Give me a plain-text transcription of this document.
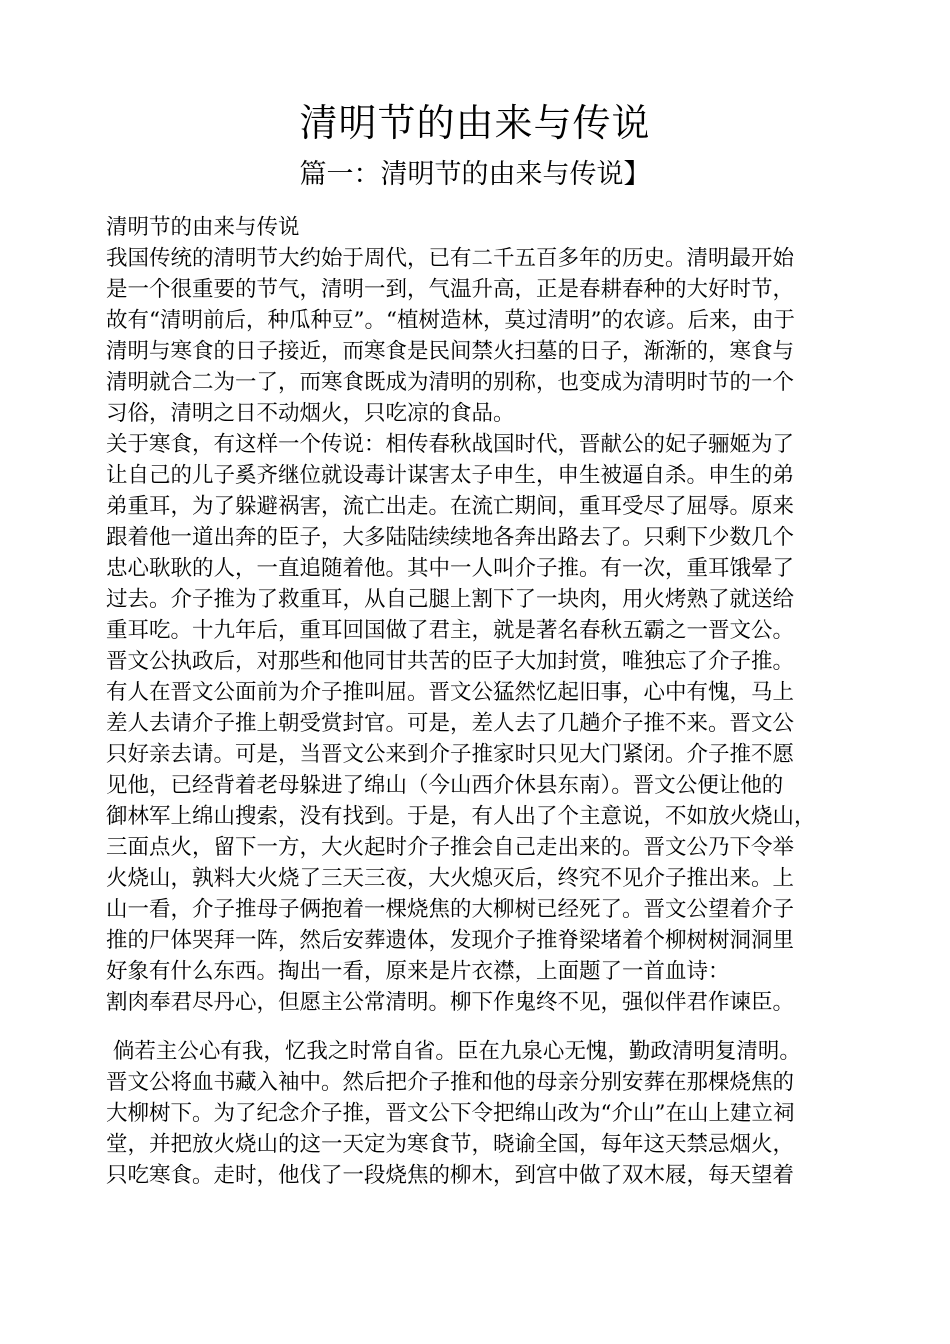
清明节的由来与传说
篇一：清明节的由来与传说】
清明节的由来与传说
我国传统的清明节大约始于周代，已有二千五百多年的历史。清明最开始
是一个很重要的节气，清明一到，气温升高，正是春耕春种的大好时节，
故有“清明前后，种瓜种豆”。“植树造林，莫过清明”的农谚。后来，由于
清明与寒食的日子接近，而寒食是民间禁火扫墓的日子，渐渐的，寒食与
清明就合二为一了，而寒食既成为清明的别称，也变成为清明时节的一个
习俗，清明之日不动烟火，只吃凉的食品。
关于寒食，有这样一个传说：相传春秋战国时代，晋献公的妃子骊姬为了
让自己的儿子奚齐继位就设毒计谋害太子申生，申生被逼自杀。申生的弟
弟重耳，为了躲避祸害，流亡出走。在流亡期间，重耳受尽了屈辱。原来
跟着他一道出奔的臣子，大多陆陆续续地各奔出路去了。只剩下少数几个
忠心耿耿的人，一直追随着他。其中一人叫介子推。有一次，重耳饿晕了
过去。介子推为了救重耳，从自己腿上割下了一块肉，用火烤熟了就送给
重耳吃。十九年后，重耳回国做了君主，就是著名春秋五霸之一晋文公。
晋文公执政后，对那些和他同甘共苦的臣子大加封赏，唯独忘了介子推。
有人在晋文公面前为介子推叫屈。晋文公猛然忆起旧事，心中有愧，马上
差人去请介子推上朝受赏封官。可是，差人去了几趟介子推不来。晋文公
只好亲去请。可是，当晋文公来到介子推家时只见大门紧闭。介子推不愿
见他，已经背着老母躲进了绵山（今山西介休县东南）。晋文公便让他的
御林军上绵山搜索，没有找到。于是，有人出了个主意说，不如放火烧山，
三面点火，留下一方，大火起时介子推会自己走出来的。晋文公乃下令举
火烧山，孰料大火烧了三天三夜，大火熄灭后，终究不见介子推出来。上
山一看，介子推母子俩抱着一棵烧焦的大柳树已经死了。晋文公望着介子
推的尸体哭拜一阵，然后安葬遗体，发现介子推脊梁堵着个柳树树洞洞里
好象有什么东西。掏出一看，原来是片衣襟，上面题了一首血诗：
割肉奉君尽丹心，但愿主公常清明。柳下作鬼终不见，强似伴君作谏臣。
倘若主公心有我，忆我之时常自省。臣在九泉心无愧，勤政清明复清明。
晋文公将血书藏入袖中。然后把介子推和他的母亲分别安葬在那棵烧焦的
大柳树下。为了纪念介子推，晋文公下令把绵山改为“介山”在山上建立祠
堂，并把放火烧山的这一天定为寒食节，晓谕全国，每年这天禁忌烟火，
只吃寒食。走时，他伐了一段烧焦的柳木，到宫中做了双木屐，每天望着
